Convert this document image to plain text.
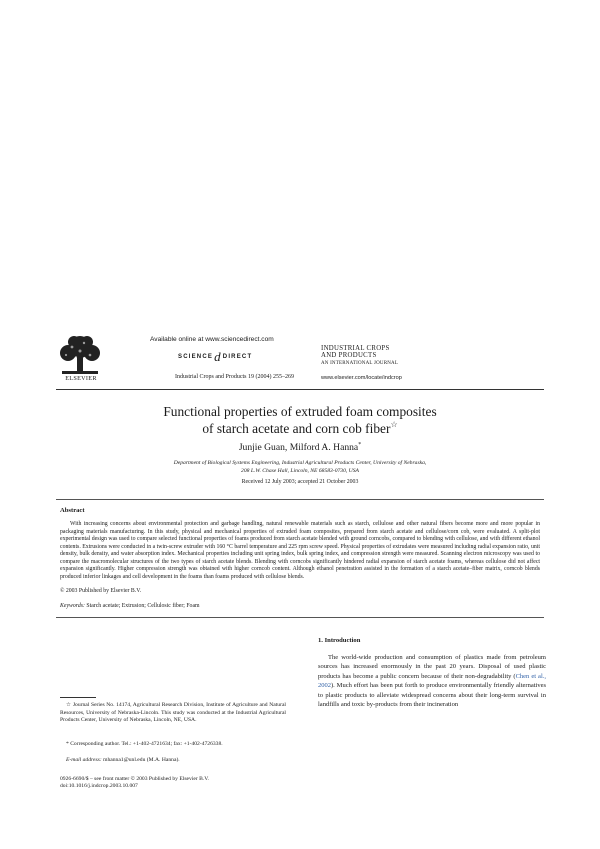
ELSEVIER
Available online at www.sciencedirect.com
SCIENCEdDIRECT
Industrial Crops and Products 19 (2004) 255–269
INDUSTRIAL CROPS
AND PRODUCTS
AN INTERNATIONAL JOURNAL
www.elsevier.com/locate/indcrop
Functional properties of extruded foam composites
of starch acetate and corn cob fiber☆
Junjie Guan, Milford A. Hanna*
Department of Biological Systems Engineering, Industrial Agricultural Products Center, University of Nebraska,
208 L.W. Chase Hall, Lincoln, NE 68583-0730, USA
Received 12 July 2003; accepted 21 October 2003
Abstract
With increasing concerns about environmental protection and garbage handling, natural renewable materials such as starch, cellulose and other natural fibers become more and more popular in packaging materials manufacturing. In this study, physical and mechanical properties of extruded foam composites, prepared from starch acetate and cellulose/corn cob, were evaluated. A split-plot experimental design was used to compare selected functional properties of foams produced from starch acetate blended with ground corncobs, compared to blending with cellulose, and with different ethanol contents. Extrusions were conducted in a twin-screw extruder with 160 °C barrel temperature and 225 rpm screw speed. Physical properties of extrudates were measured including radial expansion ratio, unit density, bulk density, and water absorption index. Mechanical properties including unit spring index, bulk spring index, and compression strength were measured. Scanning electron microscopy was used to compare the macromolecular structures of the two types of starch acetate blends. Blending with corncobs significantly hindered radial expansion of starch acetate foams, whereas cellulose did not affect expansion significantly. Higher compression strength was obtained with higher corncob content. Although ethanol penetration assisted in the formation of a starch acetate–fiber matrix, corncob blends produced inferior linkages and cell development in the foams than foams produced with cellulose blends.
© 2003 Published by Elsevier B.V.
Keywords: Starch acetate; Extrusion; Cellulosic fiber; Foam
1. Introduction
The world-wide production and consumption of plastics made from petroleum sources has increased enormously in the past 20 years. Disposal of used plastic products has become a public concern because of their non-degradability (Chen et al., 2002). Much effort has been put forth to produce environmentally friendly alternatives to plastic products to alleviate widespread concerns about their long-term survival in landfills and toxic by-products from their incineration
☆ Journal Series No. 14174, Agricultural Research Division, Institute of Agriculture and Natural Resources, University of Nebraska-Lincoln. This study was conducted at the Industrial Agricultural Products Center, University of Nebraska, Lincoln, NE, USA.
* Corresponding author. Tel.: +1-402-4721634; fax: +1-402-4726338.
E-mail address: mhanna1@unl.edu (M.A. Hanna).
0926-6690/$ – see front matter © 2003 Published by Elsevier B.V.
doi:10.1016/j.indcrop.2003.10.007
